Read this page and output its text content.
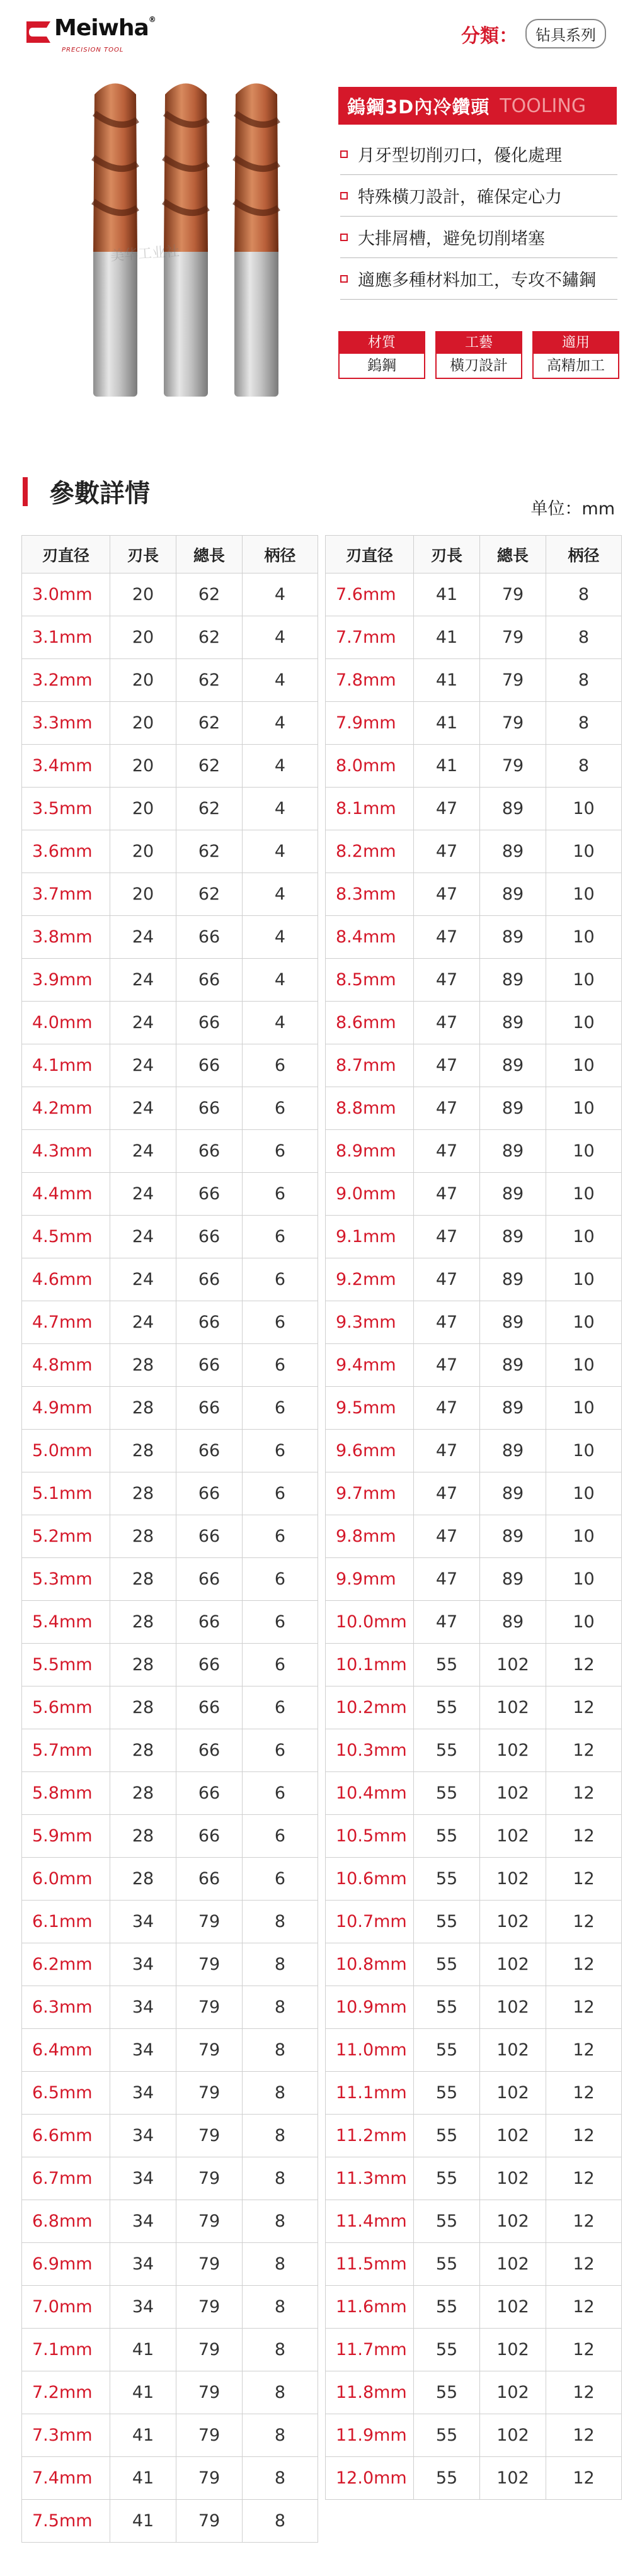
Meiwha®
PRECISION TOOL
分類：	钻具系列
美华工业社
鎢鋼3D內冷鑽頭 TOOLING
月牙型切削刃口，優化處理
特殊橫刀設計，確保定心力
大排屑槽，避免切削堵塞
適應多種材料加工，专攻不鏽鋼
材質
鎢鋼
工藝
橫刀設計
適用
高精加工
參數詳情
单位：mm
刃直径	刃長	總長	柄径
3.0mm	20	62	4
3.1mm	20	62	4
3.2mm	20	62	4
3.3mm	20	62	4
3.4mm	20	62	4
3.5mm	20	62	4
3.6mm	20	62	4
3.7mm	20	62	4
3.8mm	24	66	4
3.9mm	24	66	4
4.0mm	24	66	4
4.1mm	24	66	6
4.2mm	24	66	6
4.3mm	24	66	6
4.4mm	24	66	6
4.5mm	24	66	6
4.6mm	24	66	6
4.7mm	24	66	6
4.8mm	28	66	6
4.9mm	28	66	6
5.0mm	28	66	6
5.1mm	28	66	6
5.2mm	28	66	6
5.3mm	28	66	6
5.4mm	28	66	6
5.5mm	28	66	6
5.6mm	28	66	6
5.7mm	28	66	6
5.8mm	28	66	6
5.9mm	28	66	6
6.0mm	28	66	6
6.1mm	34	79	8
6.2mm	34	79	8
6.3mm	34	79	8
6.4mm	34	79	8
6.5mm	34	79	8
6.6mm	34	79	8
6.7mm	34	79	8
6.8mm	34	79	8
6.9mm	34	79	8
7.0mm	34	79	8
7.1mm	41	79	8
7.2mm	41	79	8
7.3mm	41	79	8
7.4mm	41	79	8
7.5mm	41	79	8
刃直径	刃長	總長	柄径
7.6mm	41	79	8
7.7mm	41	79	8
7.8mm	41	79	8
7.9mm	41	79	8
8.0mm	41	79	8
8.1mm	47	89	10
8.2mm	47	89	10
8.3mm	47	89	10
8.4mm	47	89	10
8.5mm	47	89	10
8.6mm	47	89	10
8.7mm	47	89	10
8.8mm	47	89	10
8.9mm	47	89	10
9.0mm	47	89	10
9.1mm	47	89	10
9.2mm	47	89	10
9.3mm	47	89	10
9.4mm	47	89	10
9.5mm	47	89	10
9.6mm	47	89	10
9.7mm	47	89	10
9.8mm	47	89	10
9.9mm	47	89	10
10.0mm	47	89	10
10.1mm	55	102	12
10.2mm	55	102	12
10.3mm	55	102	12
10.4mm	55	102	12
10.5mm	55	102	12
10.6mm	55	102	12
10.7mm	55	102	12
10.8mm	55	102	12
10.9mm	55	102	12
11.0mm	55	102	12
11.1mm	55	102	12
11.2mm	55	102	12
11.3mm	55	102	12
11.4mm	55	102	12
11.5mm	55	102	12
11.6mm	55	102	12
11.7mm	55	102	12
11.8mm	55	102	12
11.9mm	55	102	12
12.0mm	55	102	12
